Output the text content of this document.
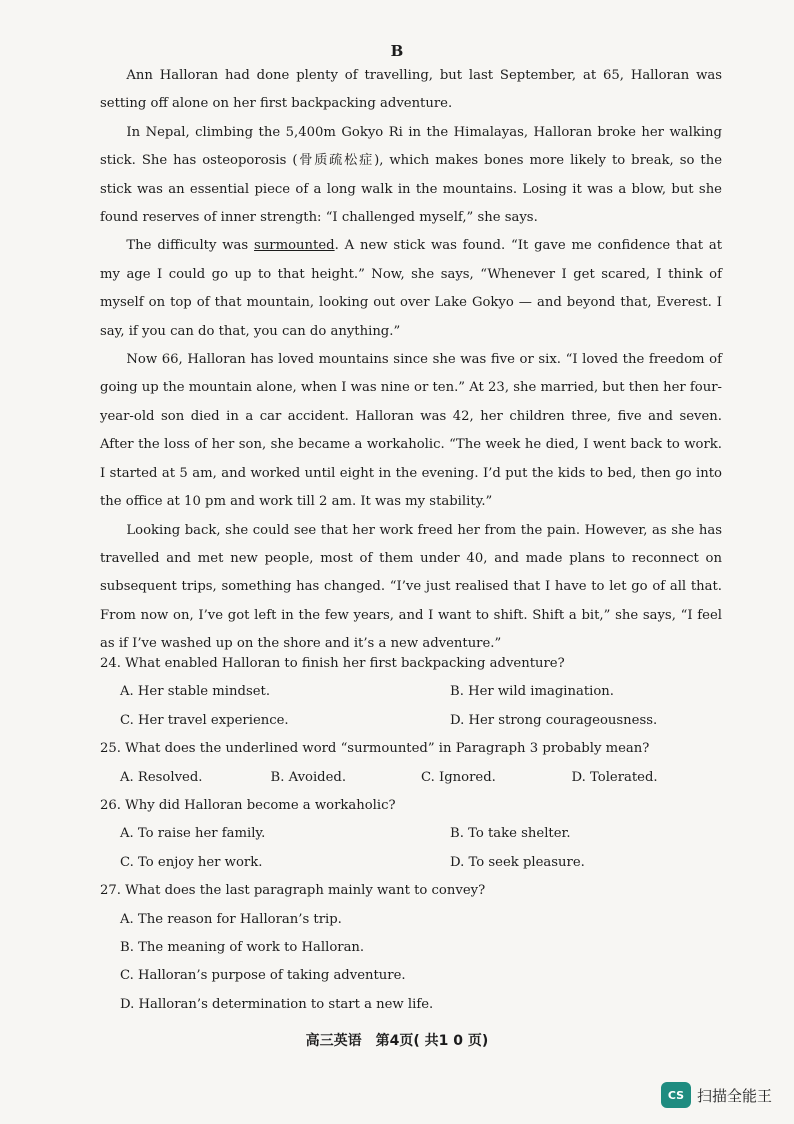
B

Ann Halloran had done plenty of travelling, but last September, at 65, Halloran was setting off alone on her first backpacking adventure.

In Nepal, climbing the 5,400m Gokyo Ri in the Himalayas, Halloran broke her walking stick. She has osteoporosis (骨质疏松症), which makes bones more likely to break, so the stick was an essential piece of a long walk in the mountains. Losing it was a blow, but she found reserves of inner strength: “I challenged myself,” she says.

The difficulty was surmounted. A new stick was found. “It gave me confidence that at my age I could go up to that height.” Now, she says, “Whenever I get scared, I think of myself on top of that mountain, looking out over Lake Gokyo — and beyond that, Everest. I say, if you can do that, you can do anything.”

Now 66, Halloran has loved mountains since she was five or six. “I loved the freedom of going up the mountain alone, when I was nine or ten.” At 23, she married, but then her four-year-old son died in a car accident. Halloran was 42, her children three, five and seven. After the loss of her son, she became a workaholic. “The week he died, I went back to work. I started at 5 am, and worked until eight in the evening. I’d put the kids to bed, then go into the office at 10 pm and work till 2 am. It was my stability.”

Looking back, she could see that her work freed her from the pain. However, as she has travelled and met new people, most of them under 40, and made plans to reconnect on subsequent trips, something has changed. “I’ve just realised that I have to let go of all that. From now on, I’ve got left in the few years, and I want to shift. Shift a bit,” she says, “I feel as if I’ve washed up on the shore and it’s a new adventure.”

24. What enabled Halloran to finish her first backpacking adventure?
A. Her stable mindset.	B. Her wild imagination.
C. Her travel experience.	D. Her strong courageousness.
25. What does the underlined word “surmounted” in Paragraph 3 probably mean?
A. Resolved.	B. Avoided.	C. Ignored.	D. Tolerated.
26. Why did Halloran become a workaholic?
A. To raise her family.	B. To take shelter.
C. To enjoy her work.	D. To seek pleasure.
27. What does the last paragraph mainly want to convey?
A. The reason for Halloran’s trip.
B. The meaning of work to Halloran.
C. Halloran’s purpose of taking adventure.
D. Halloran’s determination to start a new life.
高三英语　第4页( 共1 0 页)
CS 扫描全能王
